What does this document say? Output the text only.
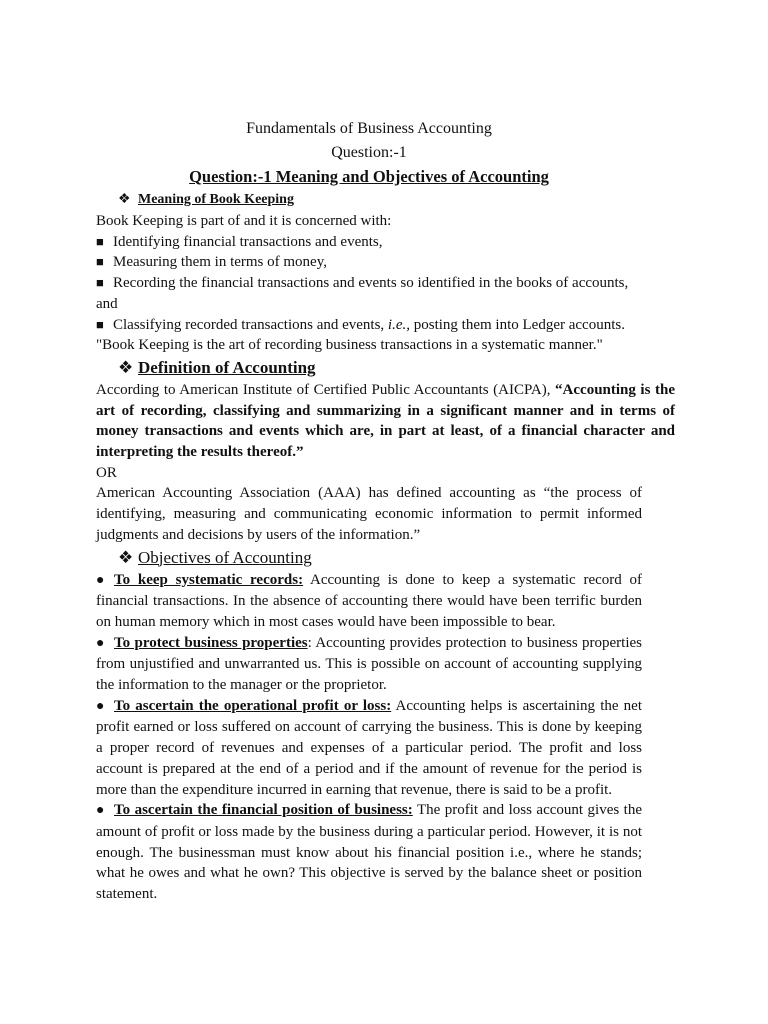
Fundamentals of Business Accounting
Question:-1
Question:-1 Meaning and Objectives of Accounting
❖ Meaning of Book Keeping

Book Keeping is part of and it is concerned with:

■ Identifying financial transactions and events,

■ Measuring them in terms of money,

■ Recording the financial transactions and events so identified in the books of accounts,

and

■ Classifying recorded transactions and events, i.e., posting them into Ledger accounts.

"Book Keeping is the art of recording business transactions in a systematic manner."

❖ Definition of Accounting

According to American Institute of Certified Public Accountants (AICPA), “Accounting is the art of recording, classifying and summarizing in a significant manner and in terms of money transactions and events which are, in part at least, of a financial character and interpreting the results thereof.”

OR

American Accounting Association (AAA) has defined accounting as “the process of identifying, measuring and communicating economic information to permit informed judgments and decisions by users of the information.”

❖ Objectives of Accounting

● To keep systematic records: Accounting is done to keep a systematic record of financial transactions. In the absence of accounting there would have been terrific burden on human memory which in most cases would have been impossible to bear.

● To protect business properties: Accounting provides protection to business properties from unjustified and unwarranted us. This is possible on account of accounting supplying the information to the manager or the proprietor.

● To ascertain the operational profit or loss: Accounting helps is ascertaining the net profit earned or loss suffered on account of carrying the business. This is done by keeping a proper record of revenues and expenses of a particular period. The profit and loss account is prepared at the end of a period and if the amount of revenue for the period is more than the expenditure incurred in earning that revenue, there is said to be a profit.

● To ascertain the financial position of business: The profit and loss account gives the amount of profit or loss made by the business during a particular period. However, it is not enough. The businessman must know about his financial position i.e., where he stands; what he owes and what he own? This objective is served by the balance sheet or position statement.
